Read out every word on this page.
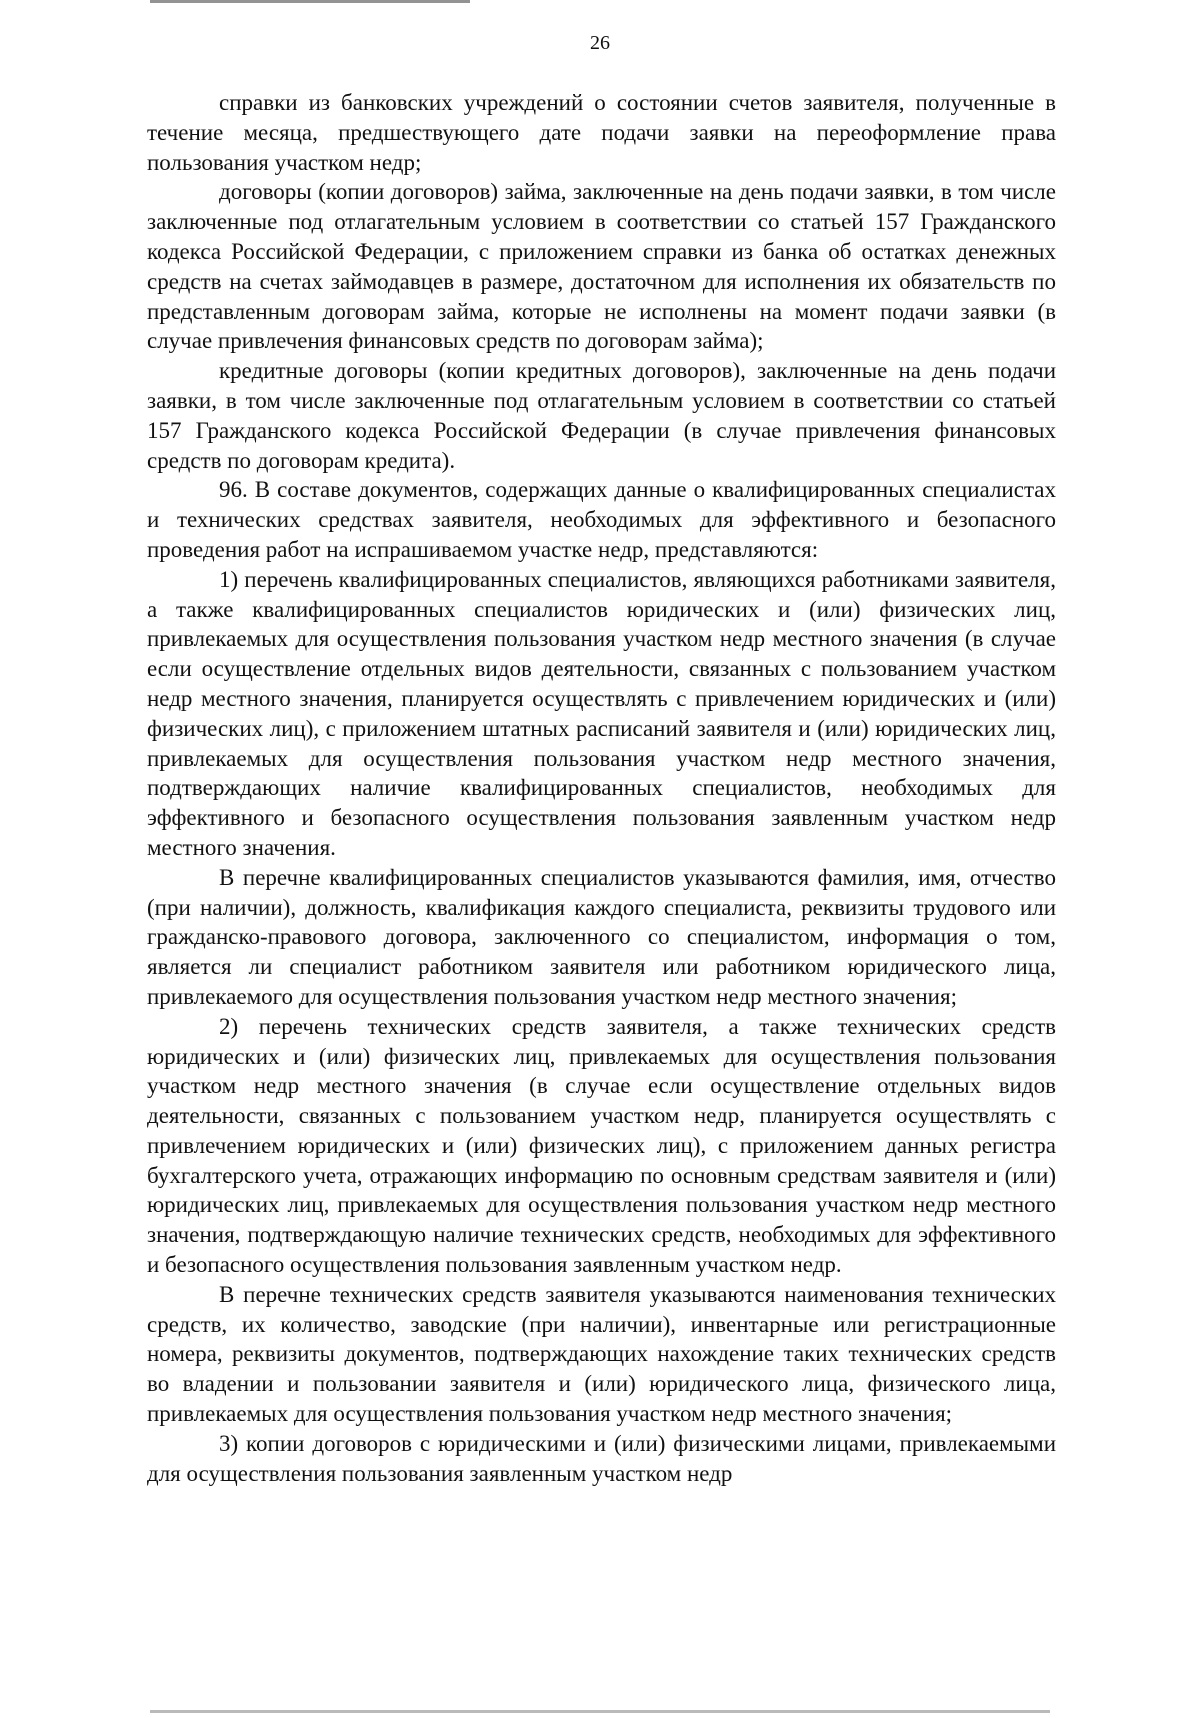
26

справки из банковских учреждений о состоянии счетов заявителя, полученные в течение месяца, предшествующего дате подачи заявки на переоформление права пользования участком недр;

договоры (копии договоров) займа, заключенные на день подачи заявки, в том числе заключенные под отлагательным условием в соответствии со статьей 157 Гражданского кодекса Российской Федерации, с приложением справки из банка об остатках денежных средств на счетах займодавцев в размере, достаточном для исполнения их обязательств по представленным договорам займа, которые не исполнены на момент подачи заявки (в случае привлечения финансовых средств по договорам займа);

кредитные договоры (копии кредитных договоров), заключенные на день подачи заявки, в том числе заключенные под отлагательным условием в соответствии со статьей 157 Гражданского кодекса Российской Федерации (в случае привлечения финансовых средств по договорам кредита).

96. В составе документов, содержащих данные о квалифицированных специалистах и технических средствах заявителя, необходимых для эффективного и безопасного проведения работ на испрашиваемом участке недр, представляются:

1) перечень квалифицированных специалистов, являющихся работниками заявителя, а также квалифицированных специалистов юридических и (или) физических лиц, привлекаемых для осуществления пользования участком недр местного значения (в случае если осуществление отдельных видов деятельности, связанных с пользованием участком недр местного значения, планируется осуществлять с привлечением юридических и (или) физических лиц), с приложением штатных расписаний заявителя и (или) юридических лиц, привлекаемых для осуществления пользования участком недр местного значения, подтверждающих наличие квалифицированных специалистов, необходимых для эффективного и безопасного осуществления пользования заявленным участком недр местного значения.

В перечне квалифицированных специалистов указываются фамилия, имя, отчество (при наличии), должность, квалификация каждого специалиста, реквизиты трудового или гражданско-правового договора, заключенного со специалистом, информация о том, является ли специалист работником заявителя или работником юридического лица, привлекаемого для осуществления пользования участком недр местного значения;

2) перечень технических средств заявителя, а также технических средств юридических и (или) физических лиц, привлекаемых для осуществления пользования участком недр местного значения (в случае если осуществление отдельных видов деятельности, связанных с пользованием участком недр, планируется осуществлять с привлечением юридических и (или) физических лиц), с приложением данных регистра бухгалтерского учета, отражающих информацию по основным средствам заявителя и (или) юридических лиц, привлекаемых для осуществления пользования участком недр местного значения, подтверждающую наличие технических средств, необходимых для эффективного и безопасного осуществления пользования заявленным участком недр.

В перечне технических средств заявителя указываются наименования технических средств, их количество, заводские (при наличии), инвентарные или регистрационные номера, реквизиты документов, подтверждающих нахождение таких технических средств во владении и пользовании заявителя и (или) юридического лица, физического лица, привлекаемых для осуществления пользования участком недр местного значения;

3) копии договоров с юридическими и (или) физическими лицами, привлекаемыми для осуществления пользования заявленным участком недр
